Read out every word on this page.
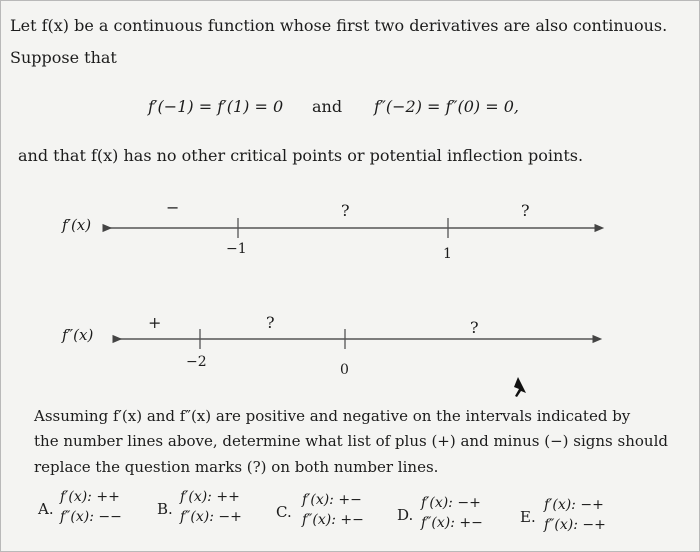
Let f(x) be a continuous function whose first two derivatives are also continuous.
Suppose that
f′(−1) = f′(1) = 0 and f″(−2) = f″(0) = 0,
and that f(x) has no other critical points or potential inflection points.
f′(x)
−	?	?
−1	1
f″(x)
+	?	?
−2	0
Assuming f′(x) and f″(x) are positive and negative on the intervals indicated by
the number lines above, determine what list of plus (+) and minus (−) signs should
replace the question marks (?) on both number lines.
A.
f′(x): ++
f″(x): −− B.
f′(x): ++
f″(x): −+ C.
f′(x): +−
f″(x): +− D.
f′(x): −+
f″(x): +− E.
f′(x): −+
f″(x): −+
